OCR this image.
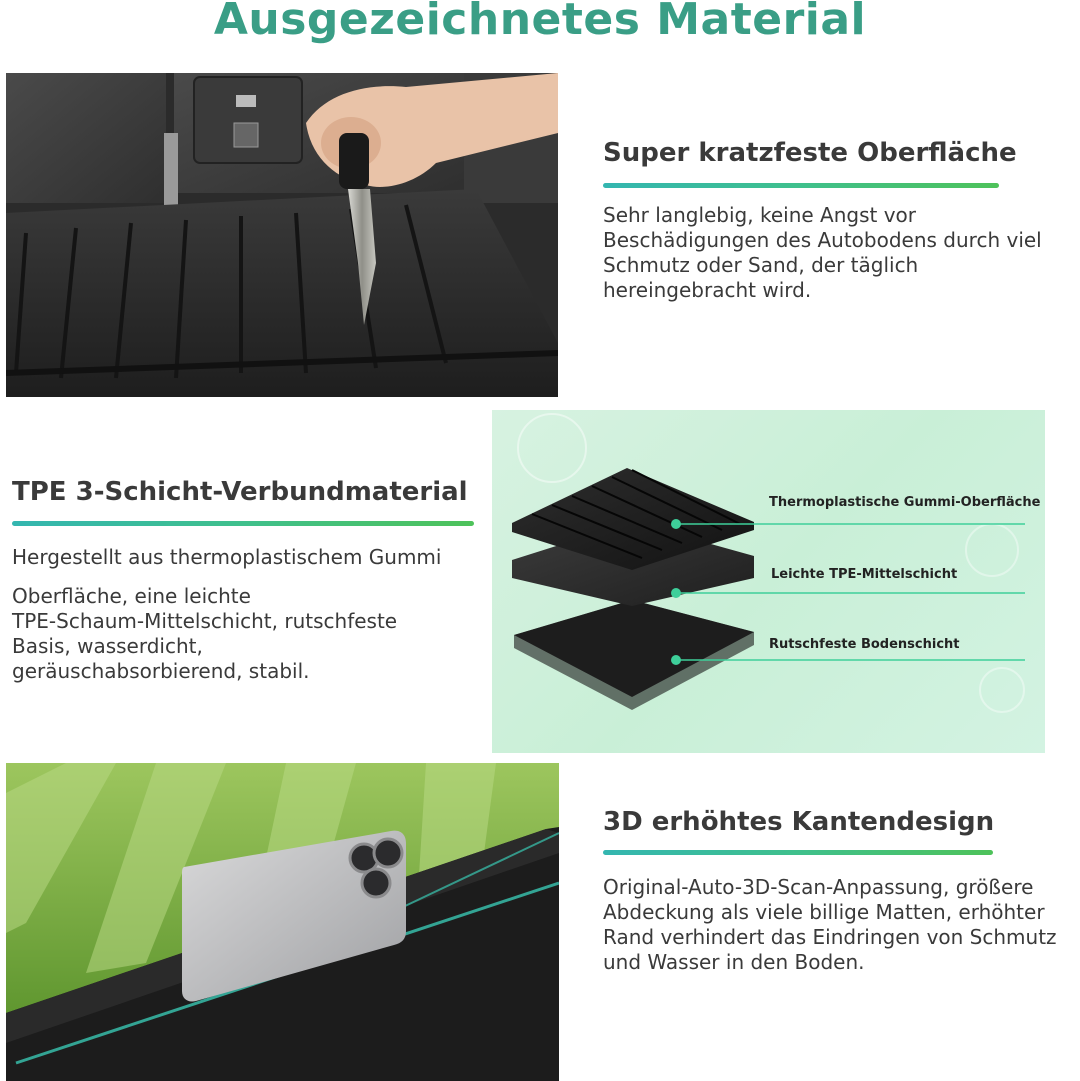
Ausgezeichnetes Material
Super kratzfeste Oberfläche

Sehr langlebig, keine Angst vor

Beschädigungen des Autobodens durch viel

Schmutz oder Sand, der täglich

hereingebracht wird.

TPE 3-Schicht-Verbundmaterial
Hergestellt aus thermoplastischem Gummi

Oberfläche, eine leichte

TPE-Schaum-Mittelschicht, rutschfeste

Basis, wasserdicht,

geräuschabsorbierend, stabil.

Thermoplastische Gummi-Oberfläche
Leichte TPE-Mittelschicht
Rutschfeste Bodenschicht
3D erhöhtes Kantendesign

Original-Auto-3D-Scan-Anpassung, größere

Abdeckung als viele billige Matten, erhöhter

Rand verhindert das Eindringen von Schmutz

und Wasser in den Boden.
